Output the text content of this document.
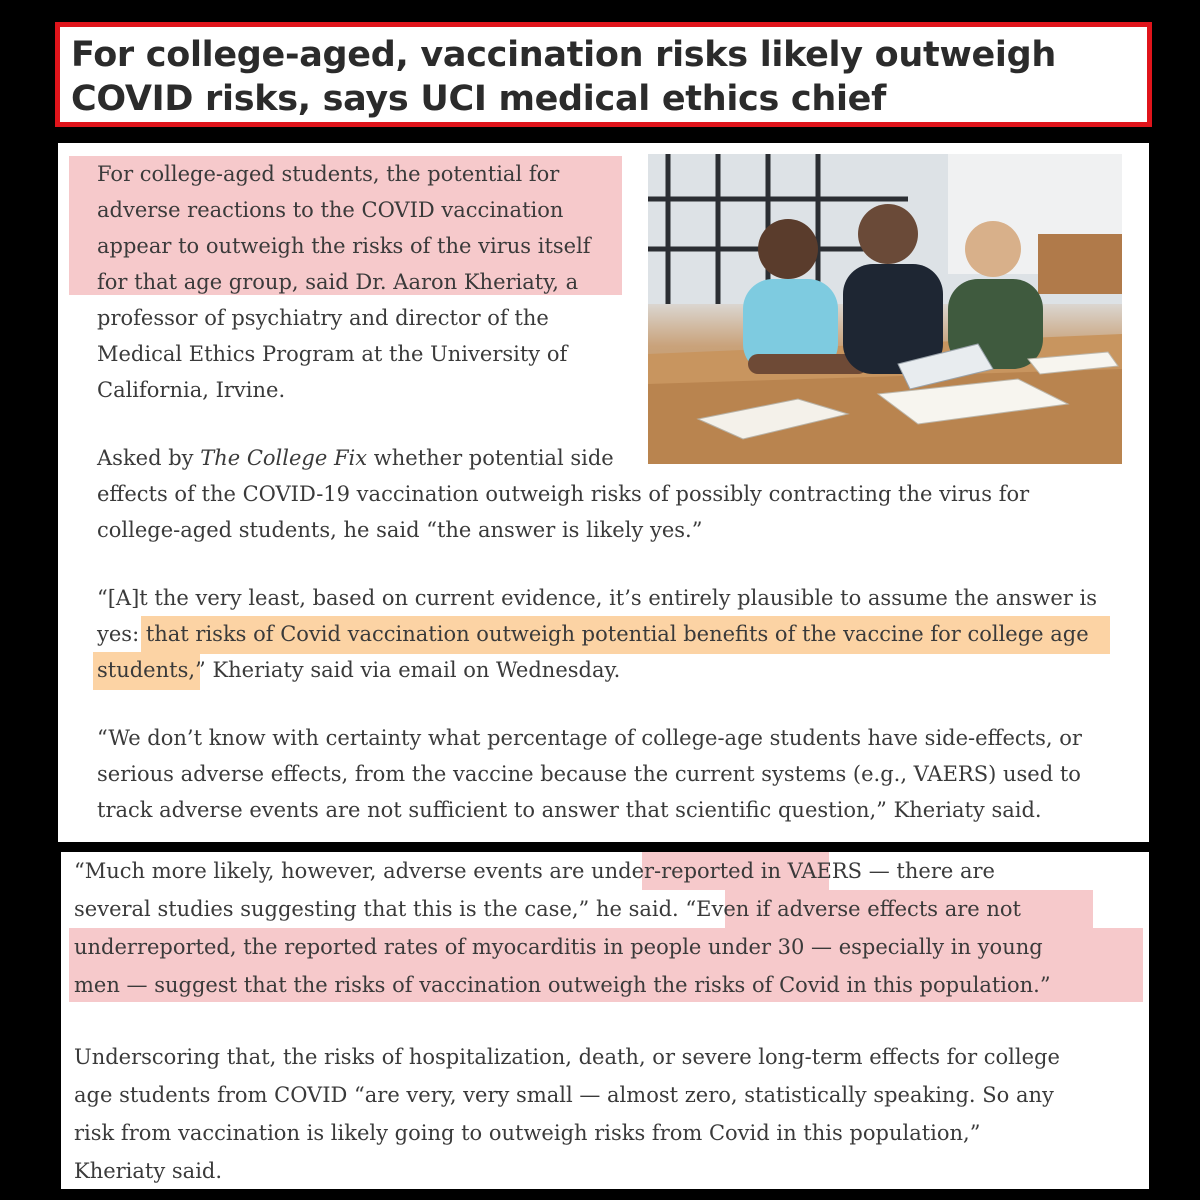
For college-aged, vaccination risks likely outweigh
COVID risks, says UCI medical ethics chief
For college-aged students, the potential for
adverse reactions to the COVID vaccination
appear to outweigh the risks of the virus itself
for that age group, said Dr. Aaron Kheriaty, a
professor of psychiatry and director of the
Medical Ethics Program at the University of
California, Irvine.
Asked by The College Fix whether potential side
effects of the COVID-19 vaccination outweigh risks of possibly contracting the virus for
college-aged students, he said “the answer is likely yes.”
“[A]t the very least, based on current evidence, it’s entirely plausible to assume the answer is
yes: that risks of Covid vaccination outweigh potential benefits of the vaccine for college age
students,” Kheriaty said via email on Wednesday.
“We don’t know with certainty what percentage of college-age students have side-effects, or
serious adverse effects, from the vaccine because the current systems (e.g., VAERS) used to
track adverse events are not sufficient to answer that scientific question,” Kheriaty said.
“Much more likely, however, adverse events are under-reported in VAERS — there are
several studies suggesting that this is the case,” he said. “Even if adverse effects are not
underreported, the reported rates of myocarditis in people under 30 — especially in young
men — suggest that the risks of vaccination outweigh the risks of Covid in this population.”
Underscoring that, the risks of hospitalization, death, or severe long-term effects for college
age students from COVID “are very, very small — almost zero, statistically speaking. So any
risk from vaccination is likely going to outweigh risks from Covid in this population,”
Kheriaty said.
